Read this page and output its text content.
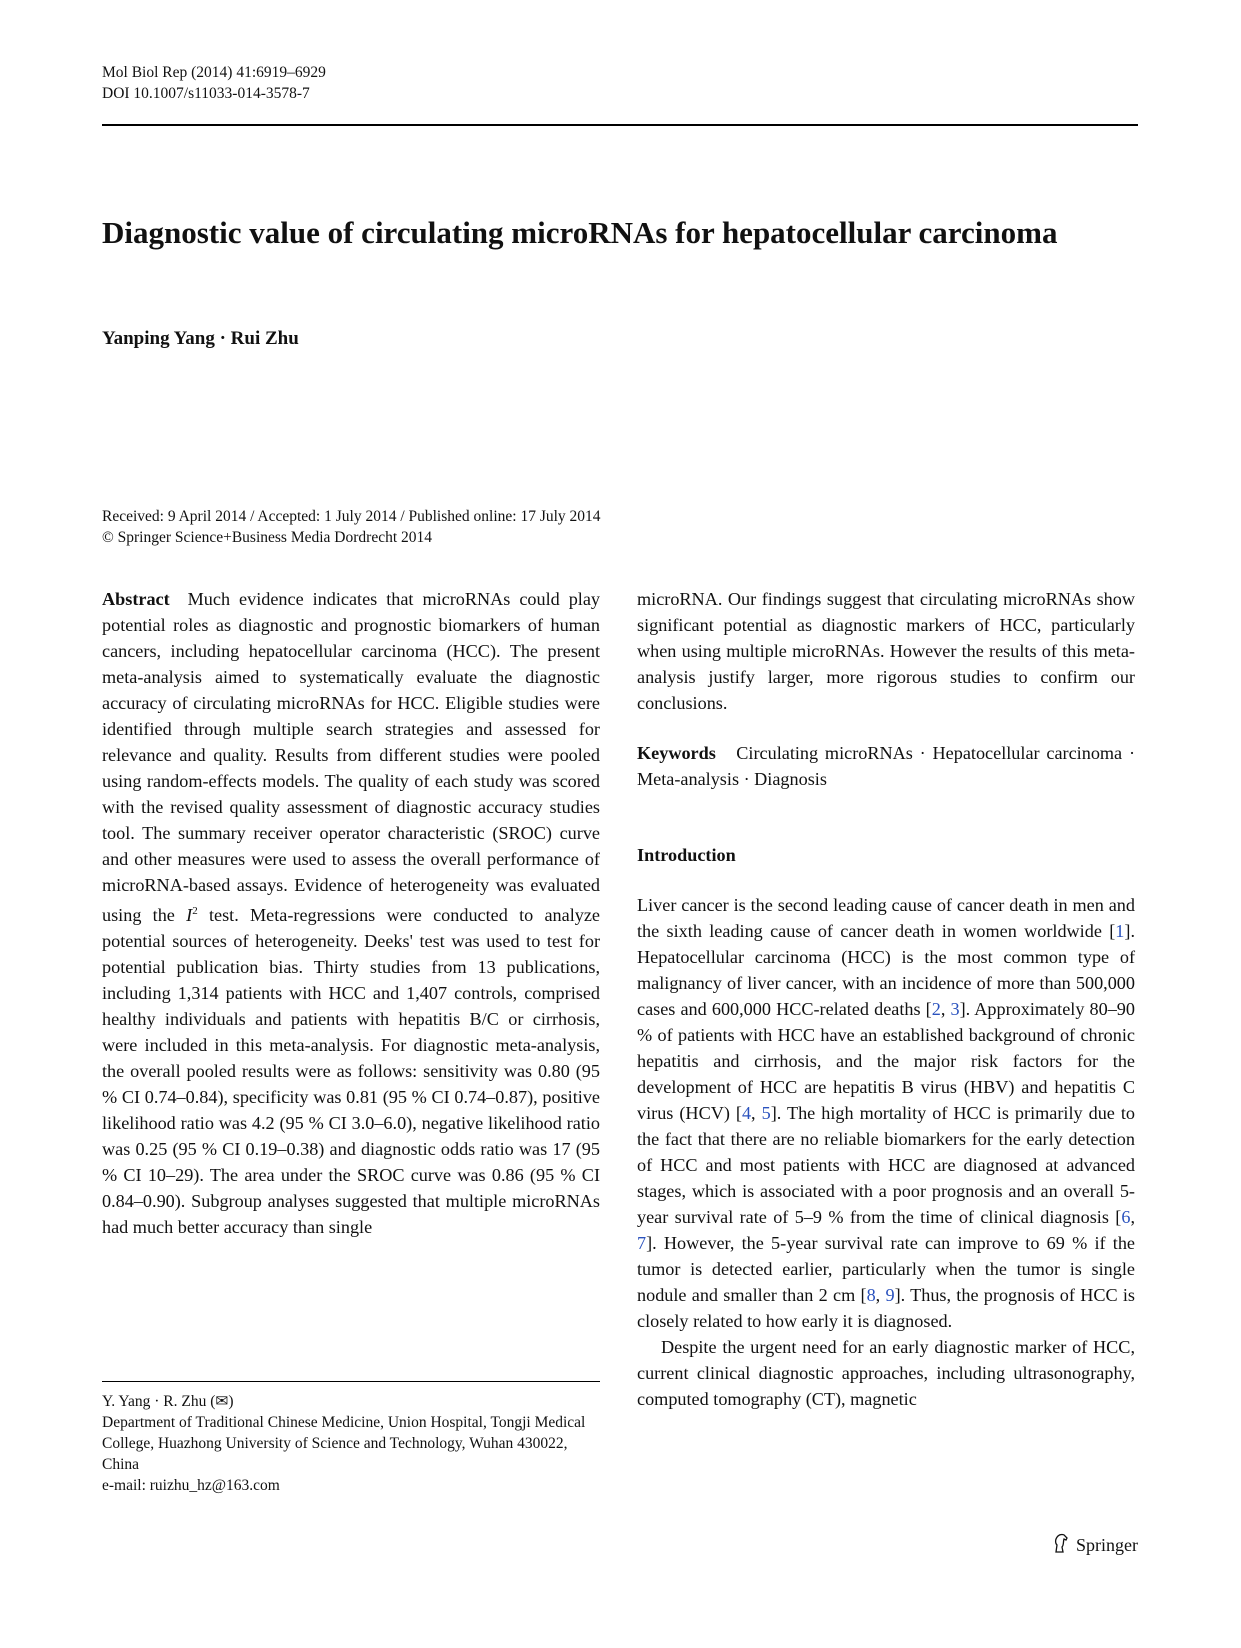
Mol Biol Rep (2014) 41:6919–6929
DOI 10.1007/s11033-014-3578-7
Diagnostic value of circulating microRNAs for hepatocellular carcinoma
Yanping Yang · Rui Zhu
Received: 9 April 2014 / Accepted: 1 July 2014 / Published online: 17 July 2014
© Springer Science+Business Media Dordrecht 2014

Abstract Much evidence indicates that microRNAs could play potential roles as diagnostic and prognostic biomarkers of human cancers, including hepatocellular carcinoma (HCC). The present meta-analysis aimed to systematically evaluate the diagnostic accuracy of circulating microRNAs for HCC. Eligible studies were identified through multiple search strategies and assessed for relevance and quality. Results from different studies were pooled using random-effects models. The quality of each study was scored with the revised quality assessment of diagnostic accuracy studies tool. The summary receiver operator characteristic (SROC) curve and other measures were used to assess the overall performance of microRNA-based assays. Evidence of heterogeneity was evaluated using the $I^2$ test. Meta-regressions were conducted to analyze potential sources of heterogeneity. Deeks' test was used to test for potential publication bias. Thirty studies from 13 publications, including 1,314 patients with HCC and 1,407 controls, comprised healthy individuals and patients with hepatitis B/C or cirrhosis, were included in this meta-analysis. For diagnostic meta-analysis, the overall pooled results were as follows: sensitivity was 0.80 (95 % CI 0.74–0.84), specificity was 0.81 (95 % CI 0.74–0.87), positive likelihood ratio was 4.2 (95 % CI 3.0–6.0), negative likelihood ratio was 0.25 (95 % CI 0.19–0.38) and diagnostic odds ratio was 17 (95 % CI 10–29). The area under the SROC curve was 0.86 (95 % CI 0.84–0.90). Subgroup analyses suggested that multiple microRNAs had much better accuracy than single

Y. Yang · R. Zhu (✉)
Department of Traditional Chinese Medicine, Union Hospital, Tongji Medical College, Huazhong University of Science and Technology, Wuhan 430022, China
e-mail: ruizhu_hz@163.com

microRNA. Our findings suggest that circulating microRNAs show significant potential as diagnostic markers of HCC, particularly when using multiple microRNAs. However the results of this meta-analysis justify larger, more rigorous studies to confirm our conclusions.

Keywords Circulating microRNAs · Hepatocellular carcinoma · Meta-analysis · Diagnosis

Introduction

Liver cancer is the second leading cause of cancer death in men and the sixth leading cause of cancer death in women worldwide [1]. Hepatocellular carcinoma (HCC) is the most common type of malignancy of liver cancer, with an incidence of more than 500,000 cases and 600,000 HCC-related deaths [2, 3]. Approximately 80–90 % of patients with HCC have an established background of chronic hepatitis and cirrhosis, and the major risk factors for the development of HCC are hepatitis B virus (HBV) and hepatitis C virus (HCV) [4, 5]. The high mortality of HCC is primarily due to the fact that there are no reliable biomarkers for the early detection of HCC and most patients with HCC are diagnosed at advanced stages, which is associated with a poor prognosis and an overall 5-year survival rate of 5–9 % from the time of clinical diagnosis [6, 7]. However, the 5-year survival rate can improve to 69 % if the tumor is detected earlier, particularly when the tumor is single nodule and smaller than 2 cm [8, 9]. Thus, the prognosis of HCC is closely related to how early it is diagnosed.

Despite the urgent need for an early diagnostic marker of HCC, current clinical diagnostic approaches, including ultrasonography, computed tomography (CT), magnetic

Springer
